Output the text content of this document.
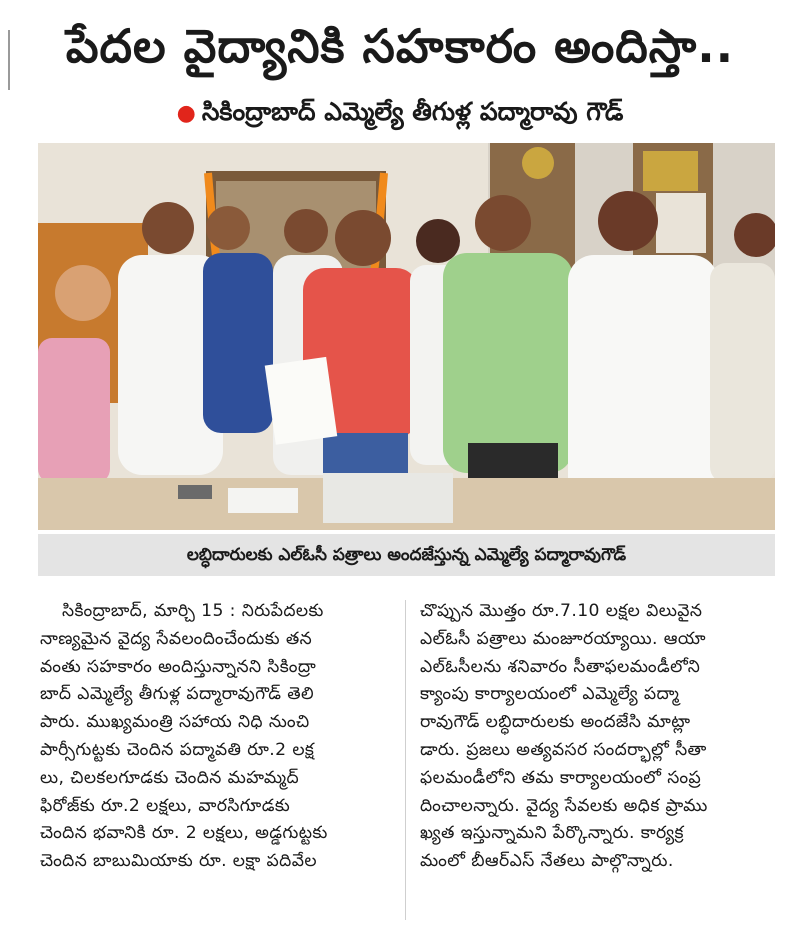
పేదల వైద్యానికి సహకారం అందిస్తా..
● సికింద్రాబాద్ ఎమ్మెల్యే తీగుళ్ల పద్మారావు గౌడ్
లబ్ధిదారులకు ఎల్ఓసీ పత్రాలు అందజేస్తున్న ఎమ్మెల్యే పద్మారావుగౌడ్
సికింద్రాబాద్, మార్చి 15 : నిరుపేదలకు
నాణ్యమైన వైద్య సేవలందించేందుకు తన
వంతు సహకారం అందిస్తున్నానని సికింద్రా
బాద్ ఎమ్మెల్యే తీగుళ్ల పద్మారావుగౌడ్ తెలి
పారు. ముఖ్యమంత్రి సహాయ నిధి నుంచి
పార్సీగుట్టకు చెందిన పద్మావతి రూ.2 లక్ష
లు, చిలకలగూడకు చెందిన మహమ్మద్
ఫిరోజ్‌కు రూ.2 లక్షలు, వారసిగూడకు
చెందిన భవానికి రూ. 2 లక్షలు, అడ్డగుట్టకు
చెందిన బాబుమియాకు రూ. లక్షా పదివేల
చొప్పున మొత్తం రూ.7.10 లక్షల విలువైన
ఎల్ఓసీ పత్రాలు మంజూరయ్యాయి. ఆయా
ఎల్ఓసీలను శనివారం సీతాఫలమండీలోని
క్యాంపు కార్యాలయంలో ఎమ్మెల్యే పద్మా
రావుగౌడ్ లబ్ధిదారులకు అందజేసి మాట్లా
డారు. ప్రజలు అత్యవసర సందర్భాల్లో సీతా
ఫలమండీలోని తమ కార్యాలయంలో సంప్ర
దించాలన్నారు. వైద్య సేవలకు అధిక ప్రాము
ఖ్యత ఇస్తున్నామని పేర్కొన్నారు. కార్యక్ర
మంలో బీఆర్ఎస్ నేతలు పాల్గొన్నారు.
